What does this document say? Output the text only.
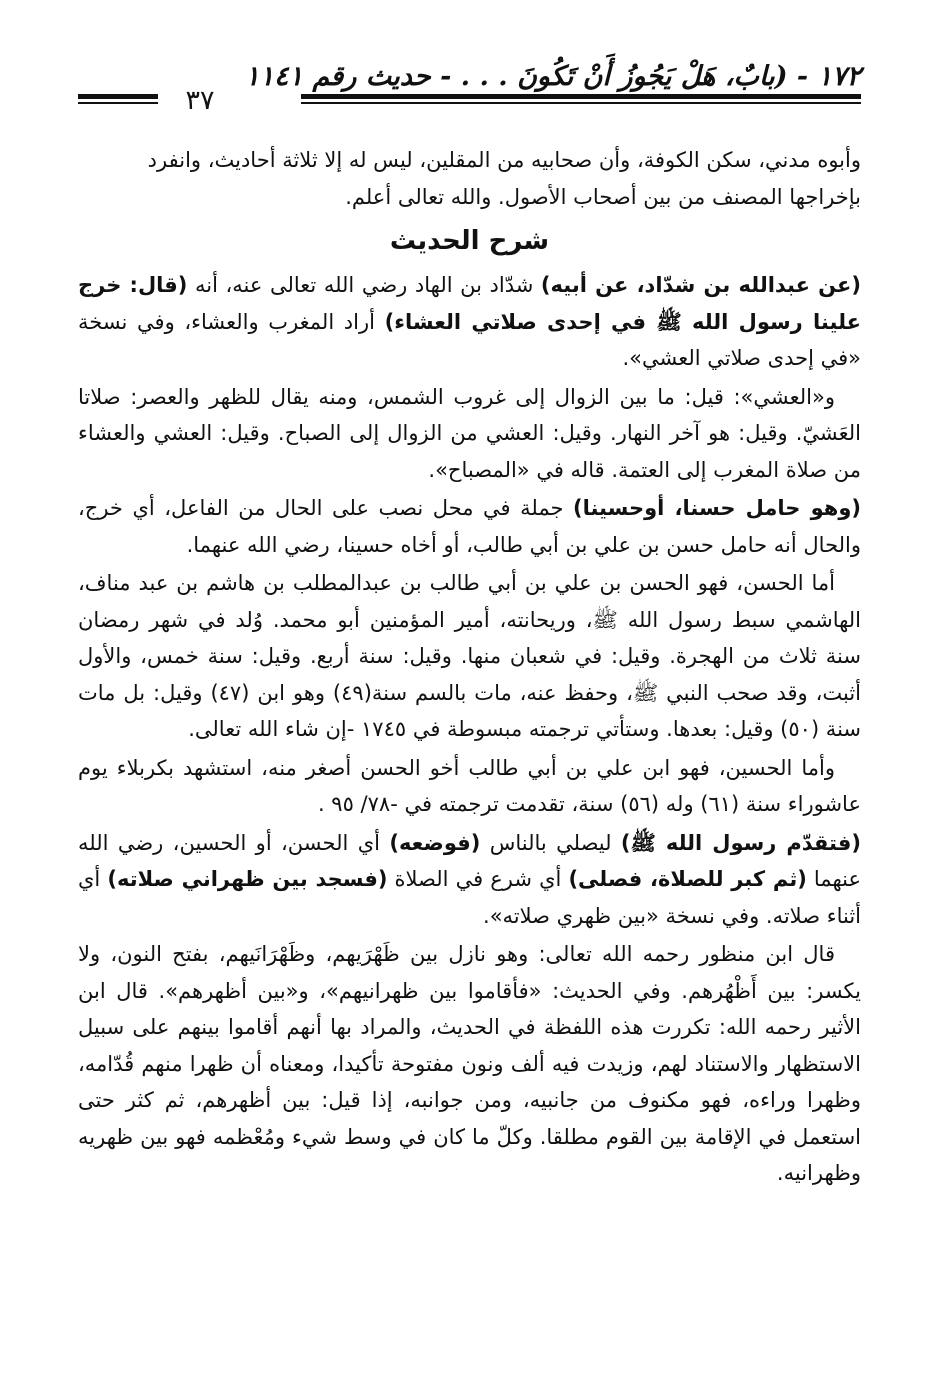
١٧٢ - (بابٌ، هَلْ يَجُوزُ أَنْ تَكُونَ . . . - حديث رقم ١١٤١
٣٧

وأبوه مدني، سكن الكوفة، وأن صحابيه من المقلين، ليس له إلا ثلاثة أحاديث، وانفرد
بإخراجها المصنف من بين أصحاب الأصول. والله تعالى أعلم.

شرح الحديث

(عن عبدالله بن شدّاد، عن أبيه) شدّاد بن الهاد رضي الله تعالى عنه، أنه (قال: خرج علينا رسول الله ﷺ في إحدى صلاتي العشاء) أراد المغرب والعشاء، وفي نسخة «في إحدى صلاتي العشي».

و«العشي»: قيل: ما بين الزوال إلى غروب الشمس، ومنه يقال للظهر والعصر: صلاتا العَشيّ. وقيل: هو آخر النهار. وقيل: العشي من الزوال إلى الصباح. وقيل: العشي والعشاء من صلاة المغرب إلى العتمة. قاله في «المصباح».

(وهو حامل حسنا، أوحسينا) جملة في محل نصب على الحال من الفاعل، أي خرج، والحال أنه حامل حسن بن علي بن أبي طالب، أو أخاه حسينا، رضي الله عنهما.

أما الحسن، فهو الحسن بن علي بن أبي طالب بن عبدالمطلب بن هاشم بن عبد مناف، الهاشمي سبط رسول الله ﷺ، وريحانته، أمير المؤمنين أبو محمد. وُلد في شهر رمضان سنة ثلاث من الهجرة. وقيل: في شعبان منها. وقيل: سنة أربع. وقيل: سنة خمس، والأول أثبت، وقد صحب النبي ﷺ، وحفظ عنه، مات بالسم سنة(٤٩) وهو ابن (٤٧) وقيل: بل مات سنة (٥٠) وقيل: بعدها. وستأتي ترجمته مبسوطة في ١٧٤٥ -إن شاء الله تعالى.

وأما الحسين، فهو ابن علي بن أبي طالب أخو الحسن أصغر منه، استشهد بكربلاء يوم عاشوراء سنة (٦١) وله (٥٦) سنة، تقدمت ترجمته في -٧٨/ ٩٥ .

(فتقدّم رسول الله ﷺ) ليصلي بالناس (فوضعه) أي الحسن، أو الحسين، رضي الله عنهما (ثم كبر للصلاة، فصلى) أي شرع في الصلاة (فسجد بين ظهراني صلاته) أي أثناء صلاته. وفي نسخة «بين ظهري صلاته».

قال ابن منظور رحمه الله تعالى: وهو نازل بين ظَهْرَيهم، وظَهْرَانَيهم، بفتح النون، ولا يكسر: بين أَظْهُرهم. وفي الحديث: «فأقاموا بين ظهرانيهم»، و«بين أظهرهم». قال ابن الأثير رحمه الله: تكررت هذه اللفظة في الحديث، والمراد بها أنهم أقاموا بينهم على سبيل الاستظهار والاستناد لهم، وزيدت فيه ألف ونون مفتوحة تأكيدا، ومعناه أن ظهرا منهم قُدّامه، وظهرا وراءه، فهو مكنوف من جانبيه، ومن جوانبه، إذا قيل: بين أظهرهم، ثم كثر حتى استعمل في الإقامة بين القوم مطلقا. وكلّ ما كان في وسط شيء ومُعْظمه فهو بين ظهريه وظهرانيه.
